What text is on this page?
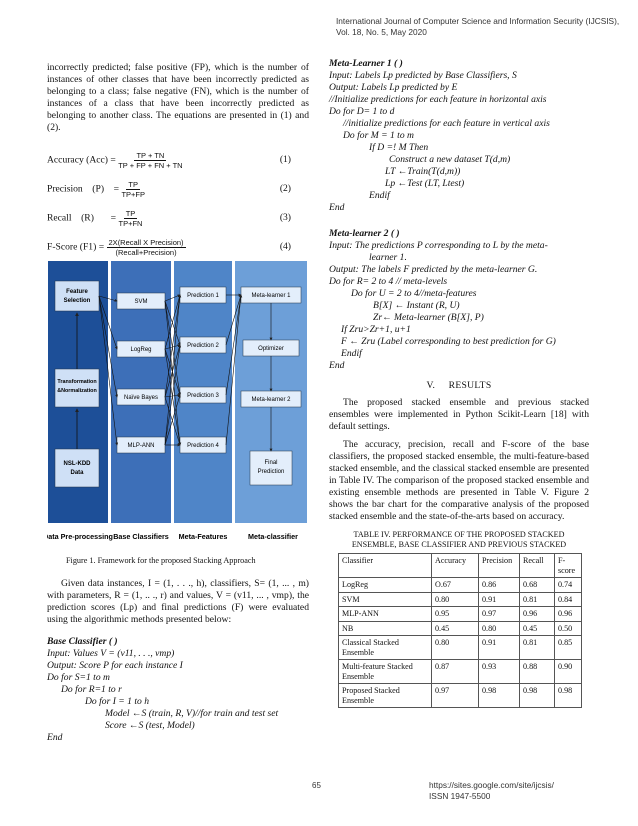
International Journal of Computer Science and Information Security (IJCSIS),
Vol. 18, No. 5, May 2020

incorrectly predicted; false positive (FP), which is the number of instances of other classes that have been incorrectly predicted as belonging to a class; false negative (FN), which is the number of instances of a class that have been incorrectly predicted as belonging to another class. The equations are presented in (1) and (2).

Accuracy $(Acc) = \frac{TP + TN}{TP + FP + FN + TN}$	(1)
Precision    (P)    = $\frac{TP}{TP+FP}$	(2)
Recall    (R)       = $\frac{TP}{TP+FN}$	(3)
F-Score $(F1) = \frac{\text{2X(Recall X Precision)}}{\text{(Recall+Precision)}}$	(4)
Feature Selection
Transformation &Normalization
NSL-KDD Data
SVM
LogReg
Naïve Bayes
MLP-ANN
Prediction 1
Prediction 2
Prediction 3
Prediction 4
Meta-learner 1
Optimizer
Meta-learner 2
Final Prediction
Data Pre-processing Base Classifiers Meta-Features	Meta-classifier
Figure 1. Framework for the proposed Stacking Approach

Given data instances, I = (1, . . ., h), classifiers, S= (1, ... , m) with parameters, R = (1, .. ., r) and values, V = (v11, ... , vmp), the prediction scores (Lp) and final predictions (F) were evaluated using the algorithmic methods presented below:

Base Classifier ( )
Input: Values V = (v11, . . ., vmp)
Output: Score P for each instance I
Do for S=1 to m
Do for R=1 to r
Do for I = 1 to h
Model ←S (train, R, V)//for train and test set
Score ←S (test, Model)
End
Meta-Learner 1 ( )
Input: Labels Lp predicted by Base Classifiers, S
Output: Labels Lp predicted by E
//Initialize predictions for each feature in horizontal axis
Do for D= 1 to d
//initialize predictions for each feature in vertical axis
Do for M = 1 to m
If D =! M Then
Construct a new dataset T(d,m)
LT ←Train(T(d,m))
Lp ←Test (LT, Ltest)
Endif
End
Meta-learner 2 ( )
Input: The predictions P corresponding to L by the meta-
learner 1.
Output: The labels F predicted by the meta-learner G.
Do for R= 2 to 4 // meta-levels
Do for U = 2 to 4//meta-features
B[X] ← Instant (R, U)
Zr← Meta-learner (B[X], P)
If Zru>Zr+1, u+1
F ← Zru (Label corresponding to best prediction for G)
Endif
End
V.     RESULTS

The proposed stacked ensemble and previous stacked ensembles were implemented in Python Scikit-Learn [18] with default settings.

The accuracy, precision, recall and F-score of the base classifiers, the proposed stacked ensemble, the multi-feature-based stacked ensemble, and the classical stacked ensemble are presented in Table IV. The comparison of the proposed stacked ensemble and existing ensemble methods are presented in Table V. Figure 2 shows the bar chart for the comparative analysis of the proposed stacked ensemble and the state-of-the-arts based on accuracy.

TABLE IV. PERFORMANCE OF THE PROPOSED STACKED
ENSEMBLE, BASE CLASSIFIER AND PREVIOUS STACKED
Classifier	Accuracy	Precision	Recall	F-score
LogReg	O.67	0.86	0.68	0.74
SVM	0.80	0.91	0.81	0.84
MLP-ANN	0.95	0.97	0.96	0.96
NB	0.45	0.80	0.45	0.50
Classical Stacked Ensemble	0.80	0.91	0.81	0.85
Multi-feature Stacked Ensemble	0.87	0.93	0.88	0.90
Proposed Stacked Ensemble	0.97	0.98	0.98	0.98
65	https://sites.google.com/site/ijcsis/
ISSN 1947-5500
